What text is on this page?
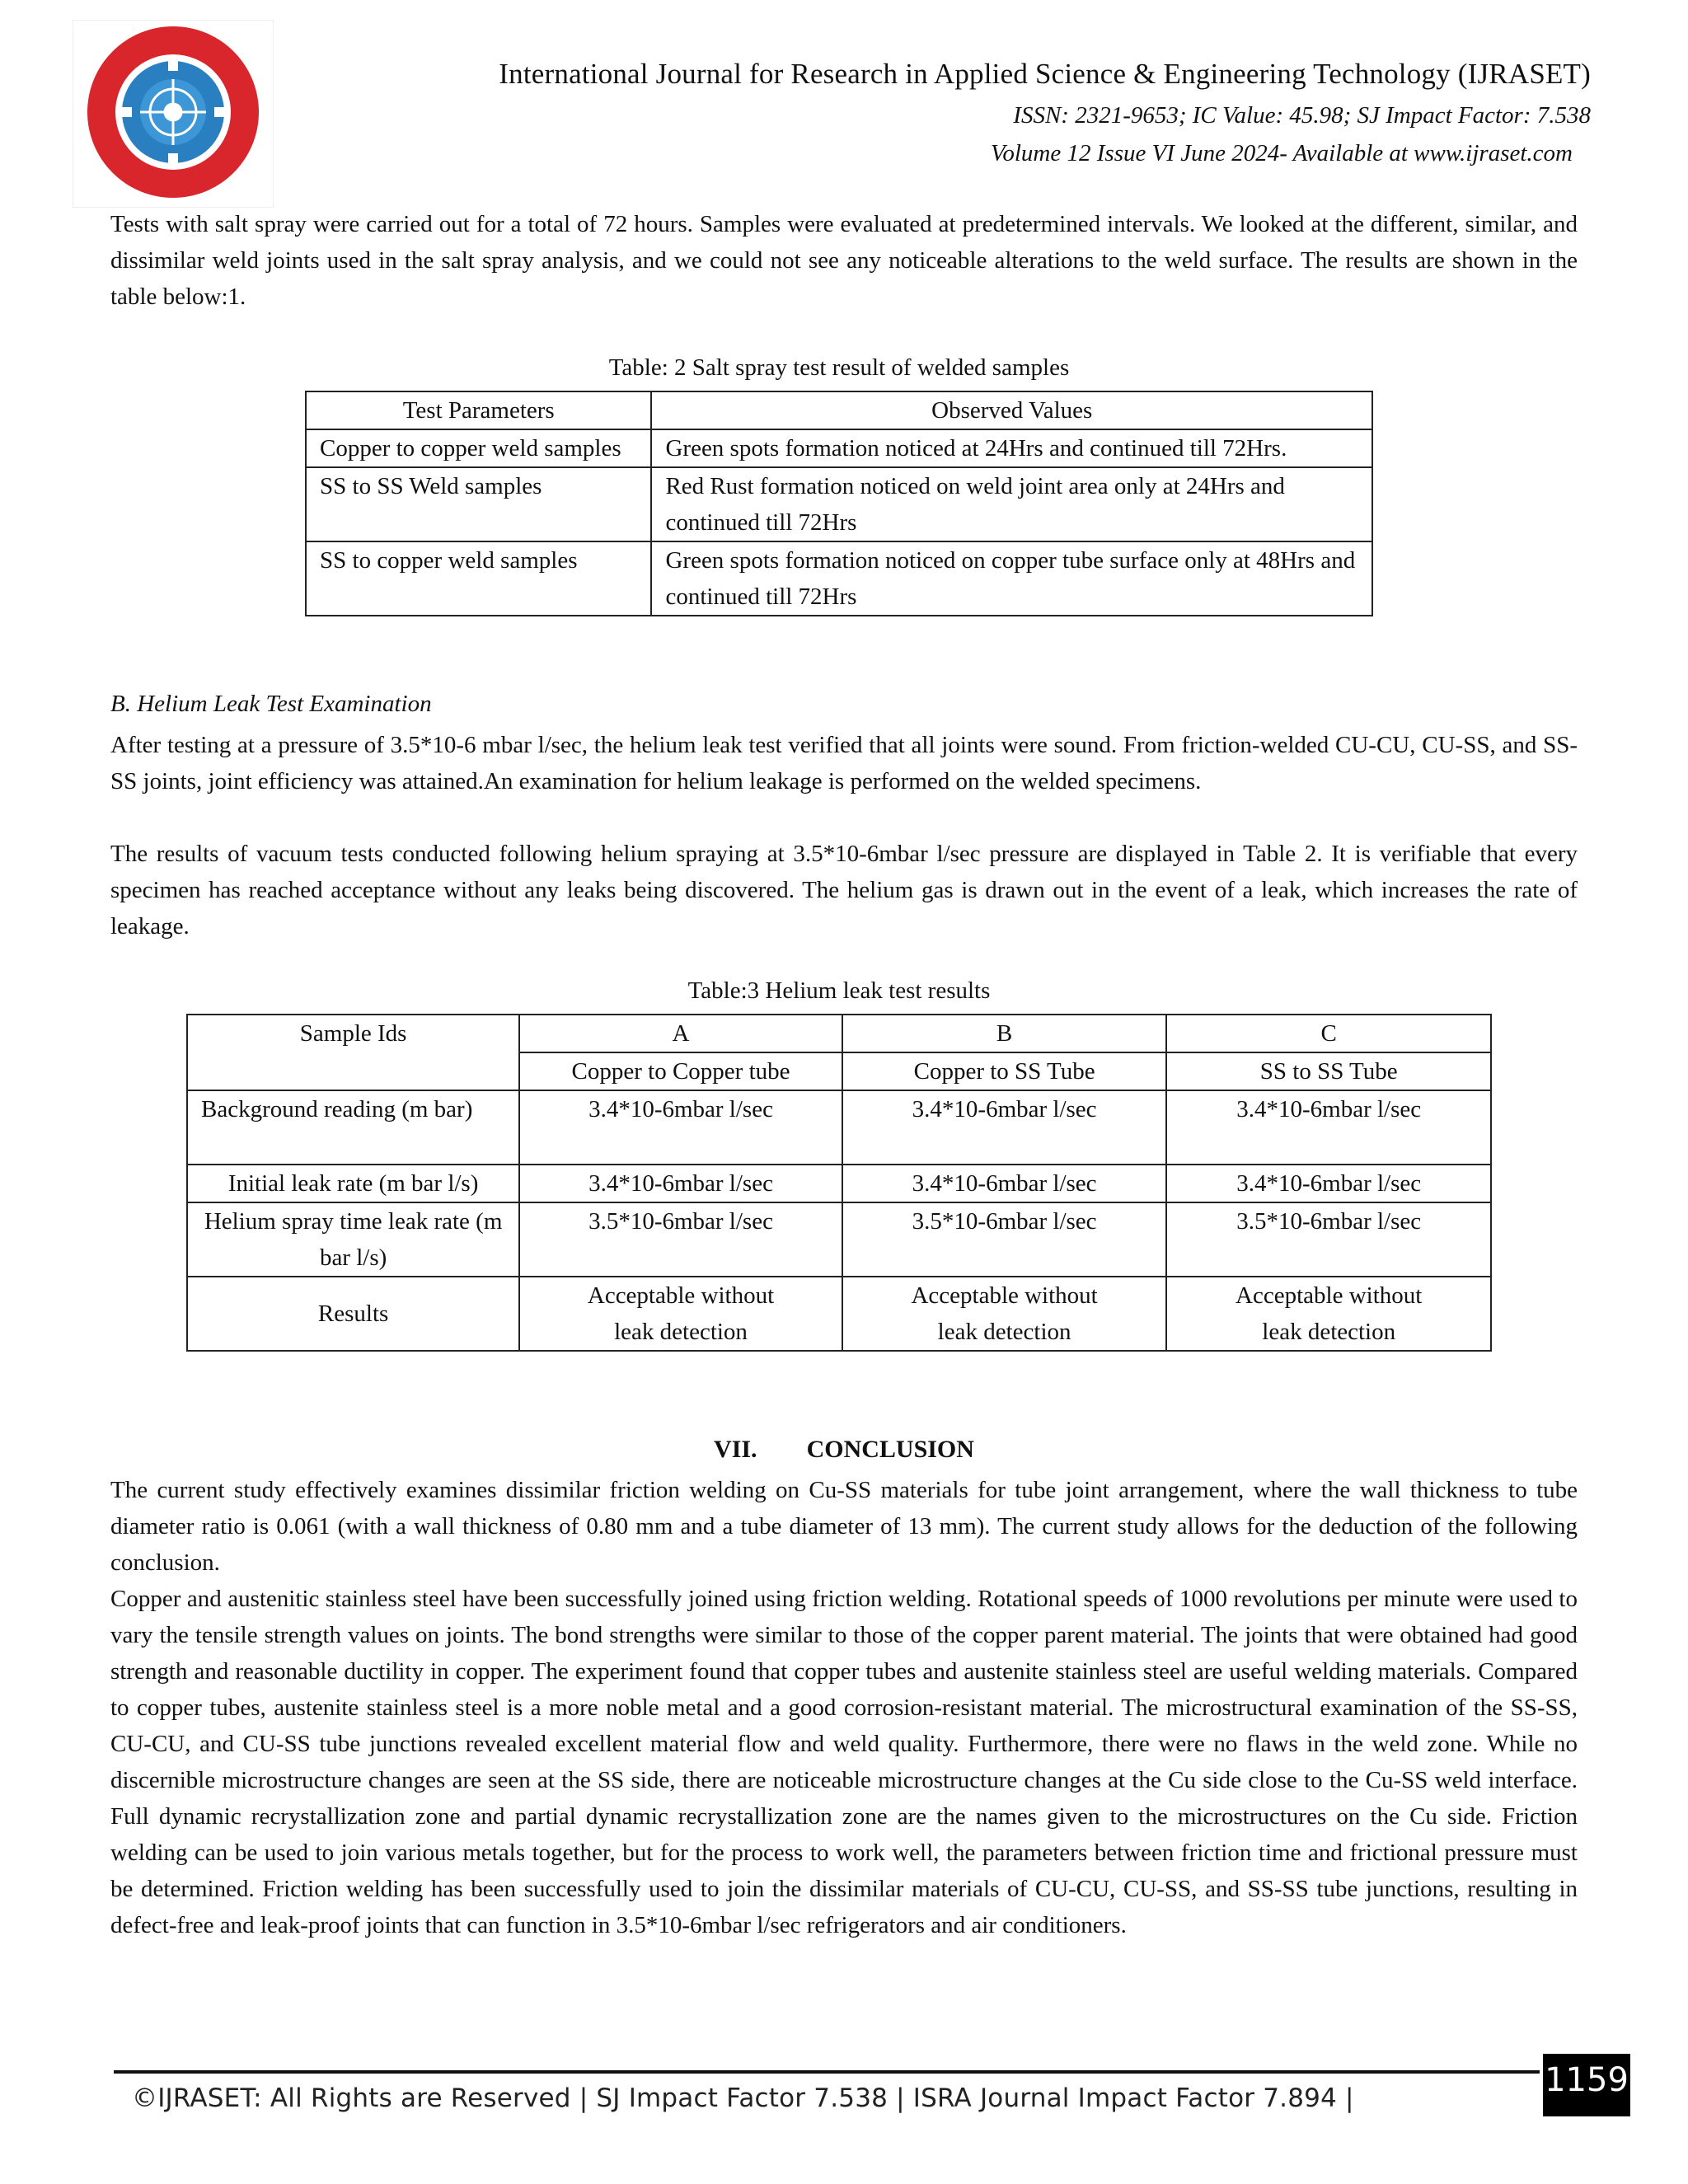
International Journal for Research in Applied Science & Engineering Technology (IJRASET)
ISSN: 2321-9653; IC Value: 45.98; SJ Impact Factor: 7.538
Volume 12 Issue VI June 2024- Available at www.ijraset.com
Tests with salt spray were carried out for a total of 72 hours. Samples were evaluated at predetermined intervals. We looked at the different, similar, and dissimilar weld joints used in the salt spray analysis, and we could not see any noticeable alterations to the weld surface. The results are shown in the table below:1.
Table: 2 Salt spray test result of welded samples
Test Parameters	Observed Values
Copper to copper weld samples	Green spots formation noticed at 24Hrs and continued till 72Hrs.
SS to SS Weld samples	Red Rust formation noticed on weld joint area only at 24Hrs and continued till 72Hrs
SS to copper weld samples	Green spots formation noticed on copper tube surface only at 48Hrs and continued till 72Hrs
B. Helium Leak Test Examination
After testing at a pressure of 3.5*10-6 mbar l/sec, the helium leak test verified that all joints were sound. From friction-welded CU-CU, CU-SS, and SS-SS joints, joint efficiency was attained.An examination for helium leakage is performed on the welded specimens.
The results of vacuum tests conducted following helium spraying at 3.5*10-6mbar l/sec pressure are displayed in Table 2. It is verifiable that every specimen has reached acceptance without any leaks being discovered. The helium gas is drawn out in the event of a leak, which increases the rate of leakage.
Table:3 Helium leak test results
Sample Ids	A	B	C
	Copper to Copper tube	Copper to SS Tube	SS to SS Tube
Background reading (m bar)	3.4*10-6mbar l/sec	3.4*10-6mbar l/sec	3.4*10-6mbar l/sec
Initial leak rate (m bar l/s)	3.4*10-6mbar l/sec	3.4*10-6mbar l/sec	3.4*10-6mbar l/sec
Helium spray time leak rate (m bar l/s)	3.5*10-6mbar l/sec	3.5*10-6mbar l/sec	3.5*10-6mbar l/sec
Results	Acceptable without leak detection	Acceptable without leak detection	Acceptable without leak detection
VII. CONCLUSION
The current study effectively examines dissimilar friction welding on Cu-SS materials for tube joint arrangement, where the wall thickness to tube diameter ratio is 0.061 (with a wall thickness of 0.80 mm and a tube diameter of 13 mm). The current study allows for the deduction of the following conclusion.
Copper and austenitic stainless steel have been successfully joined using friction welding. Rotational speeds of 1000 revolutions per minute were used to vary the tensile strength values on joints. The bond strengths were similar to those of the copper parent material. The joints that were obtained had good strength and reasonable ductility in copper. The experiment found that copper tubes and austenite stainless steel are useful welding materials. Compared to copper tubes, austenite stainless steel is a more noble metal and a good corrosion-resistant material. The microstructural examination of the SS-SS, CU-CU, and CU-SS tube junctions revealed excellent material flow and weld quality. Furthermore, there were no flaws in the weld zone. While no discernible microstructure changes are seen at the SS side, there are noticeable microstructure changes at the Cu side close to the Cu-SS weld interface. Full dynamic recrystallization zone and partial dynamic recrystallization zone are the names given to the microstructures on the Cu side. Friction welding can be used to join various metals together, but for the process to work well, the parameters between friction time and frictional pressure must be determined. Friction welding has been successfully used to join the dissimilar materials of CU-CU, CU-SS, and SS-SS tube junctions, resulting in defect-free and leak-proof joints that can function in 3.5*10-6mbar l/sec refrigerators and air conditioners.
©IJRASET: All Rights are Reserved | SJ Impact Factor 7.538 | ISRA Journal Impact Factor 7.894 |	1159
